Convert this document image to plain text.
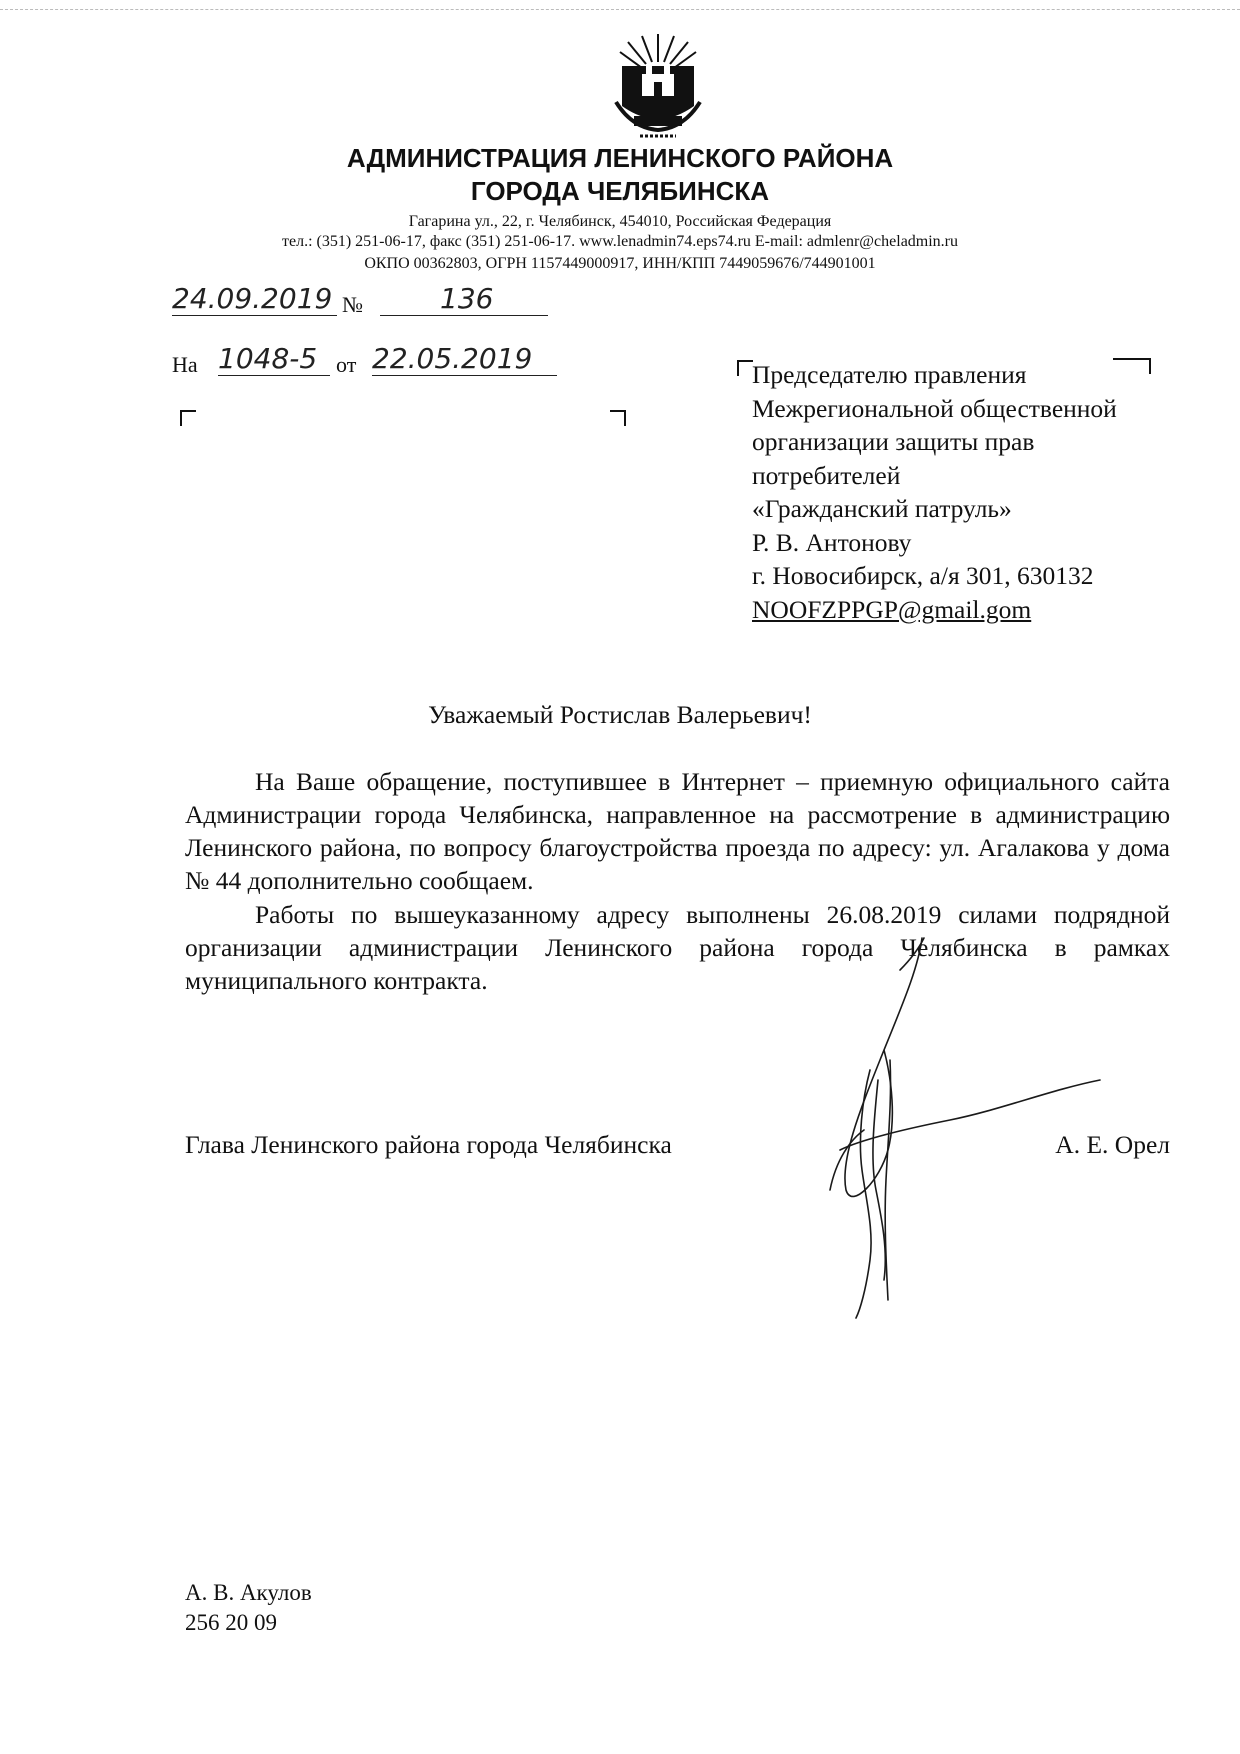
АДМИНИСТРАЦИЯ ЛЕНИНСКОГО РАЙОНА
ГОРОДА ЧЕЛЯБИНСКА
Гагарина ул., 22, г. Челябинск, 454010, Российская Федерация
тел.: (351) 251-06-17, факс (351) 251-06-17. www.lenadmin74.eps74.ru E-mail: admlenr@cheladmin.ru
ОКПО 00362803, ОГРН 1157449000917, ИНН/КПП 7449059676/744901001
24.09.2019 №	136
На 1048-5 от 22.05.2019	Председателю правления
Межрегиональной общественной
организации защиты прав
потребителей
«Гражданский патруль»
Р. В. Антонову
г. Новосибирск, а/я 301, 630132
NOOFZPPGP@gmail.gom
Уважаемый Ростислав Валерьевич!
На Ваше обращение, поступившее в Интернет – приемную официального сайта Администрации города Челябинска, направленное на рассмотрение в администрацию Ленинского района, по вопросу благоустройства проезда по адресу: ул. Агалакова у дома № 44 дополнительно сообщаем.
Работы по вышеуказанному адресу выполнены 26.08.2019 силами подрядной организации администрации Ленинского района города Челябинска в рамках муниципального контракта.
Глава Ленинского района города Челябинска	А. Е. Орел
А. В. Акулов
256 20 09
